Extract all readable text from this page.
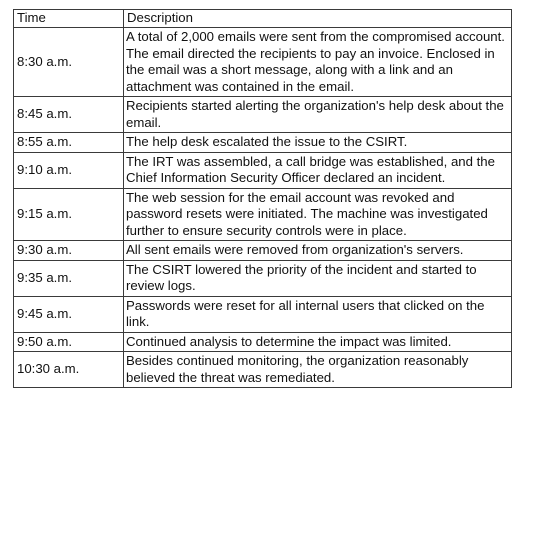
Time	Description
8:30 a.m.	A total of 2,000 emails were sent from the compromised account. The email directed the recipients to pay an invoice. Enclosed in the email was a short message, along with a link and an attachment was contained in the email.
8:45 a.m.	Recipients started alerting the organization's help desk about the email.
8:55 a.m.	The help desk escalated the issue to the CSIRT.
9:10 a.m.	The IRT was assembled, a call bridge was established, and the Chief Information Security Officer declared an incident.
9:15 a.m.	The web session for the email account was revoked and password resets were initiated. The machine was investigated further to ensure security controls were in place.
9:30 a.m.	All sent emails were removed from organization's servers.
9:35 a.m.	The CSIRT lowered the priority of the incident and started to review logs.
9:45 a.m.	Passwords were reset for all internal users that clicked on the link.
9:50 a.m.	Continued analysis to determine the impact was limited.
10:30 a.m.	Besides continued monitoring, the organization reasonably believed the threat was remediated.
